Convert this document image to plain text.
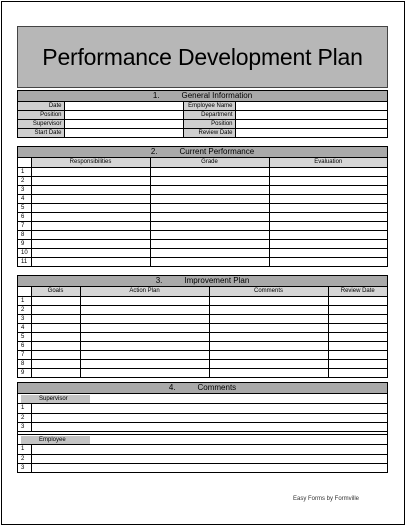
Performance Development Plan
1.	General Information
Date		Employee Name	
Position		Department	
Supervisor		Position	
Start Date		Review Date	
2.	Current Performance
	Responsibilities	Grade	Evaluation
1			
2			
3			
4			
5			
6			
7			
8			
9			
10			
11			
3.	Improvement Plan
	Goals	Action Plan	Comments	Review Date
1				
2				
3				
4				
5				
6				
7				
8				
9				
4.	Comments
Supervisor
1	
2	
3	
Employee
1	
2	
3	
Easy Forms by Formville
